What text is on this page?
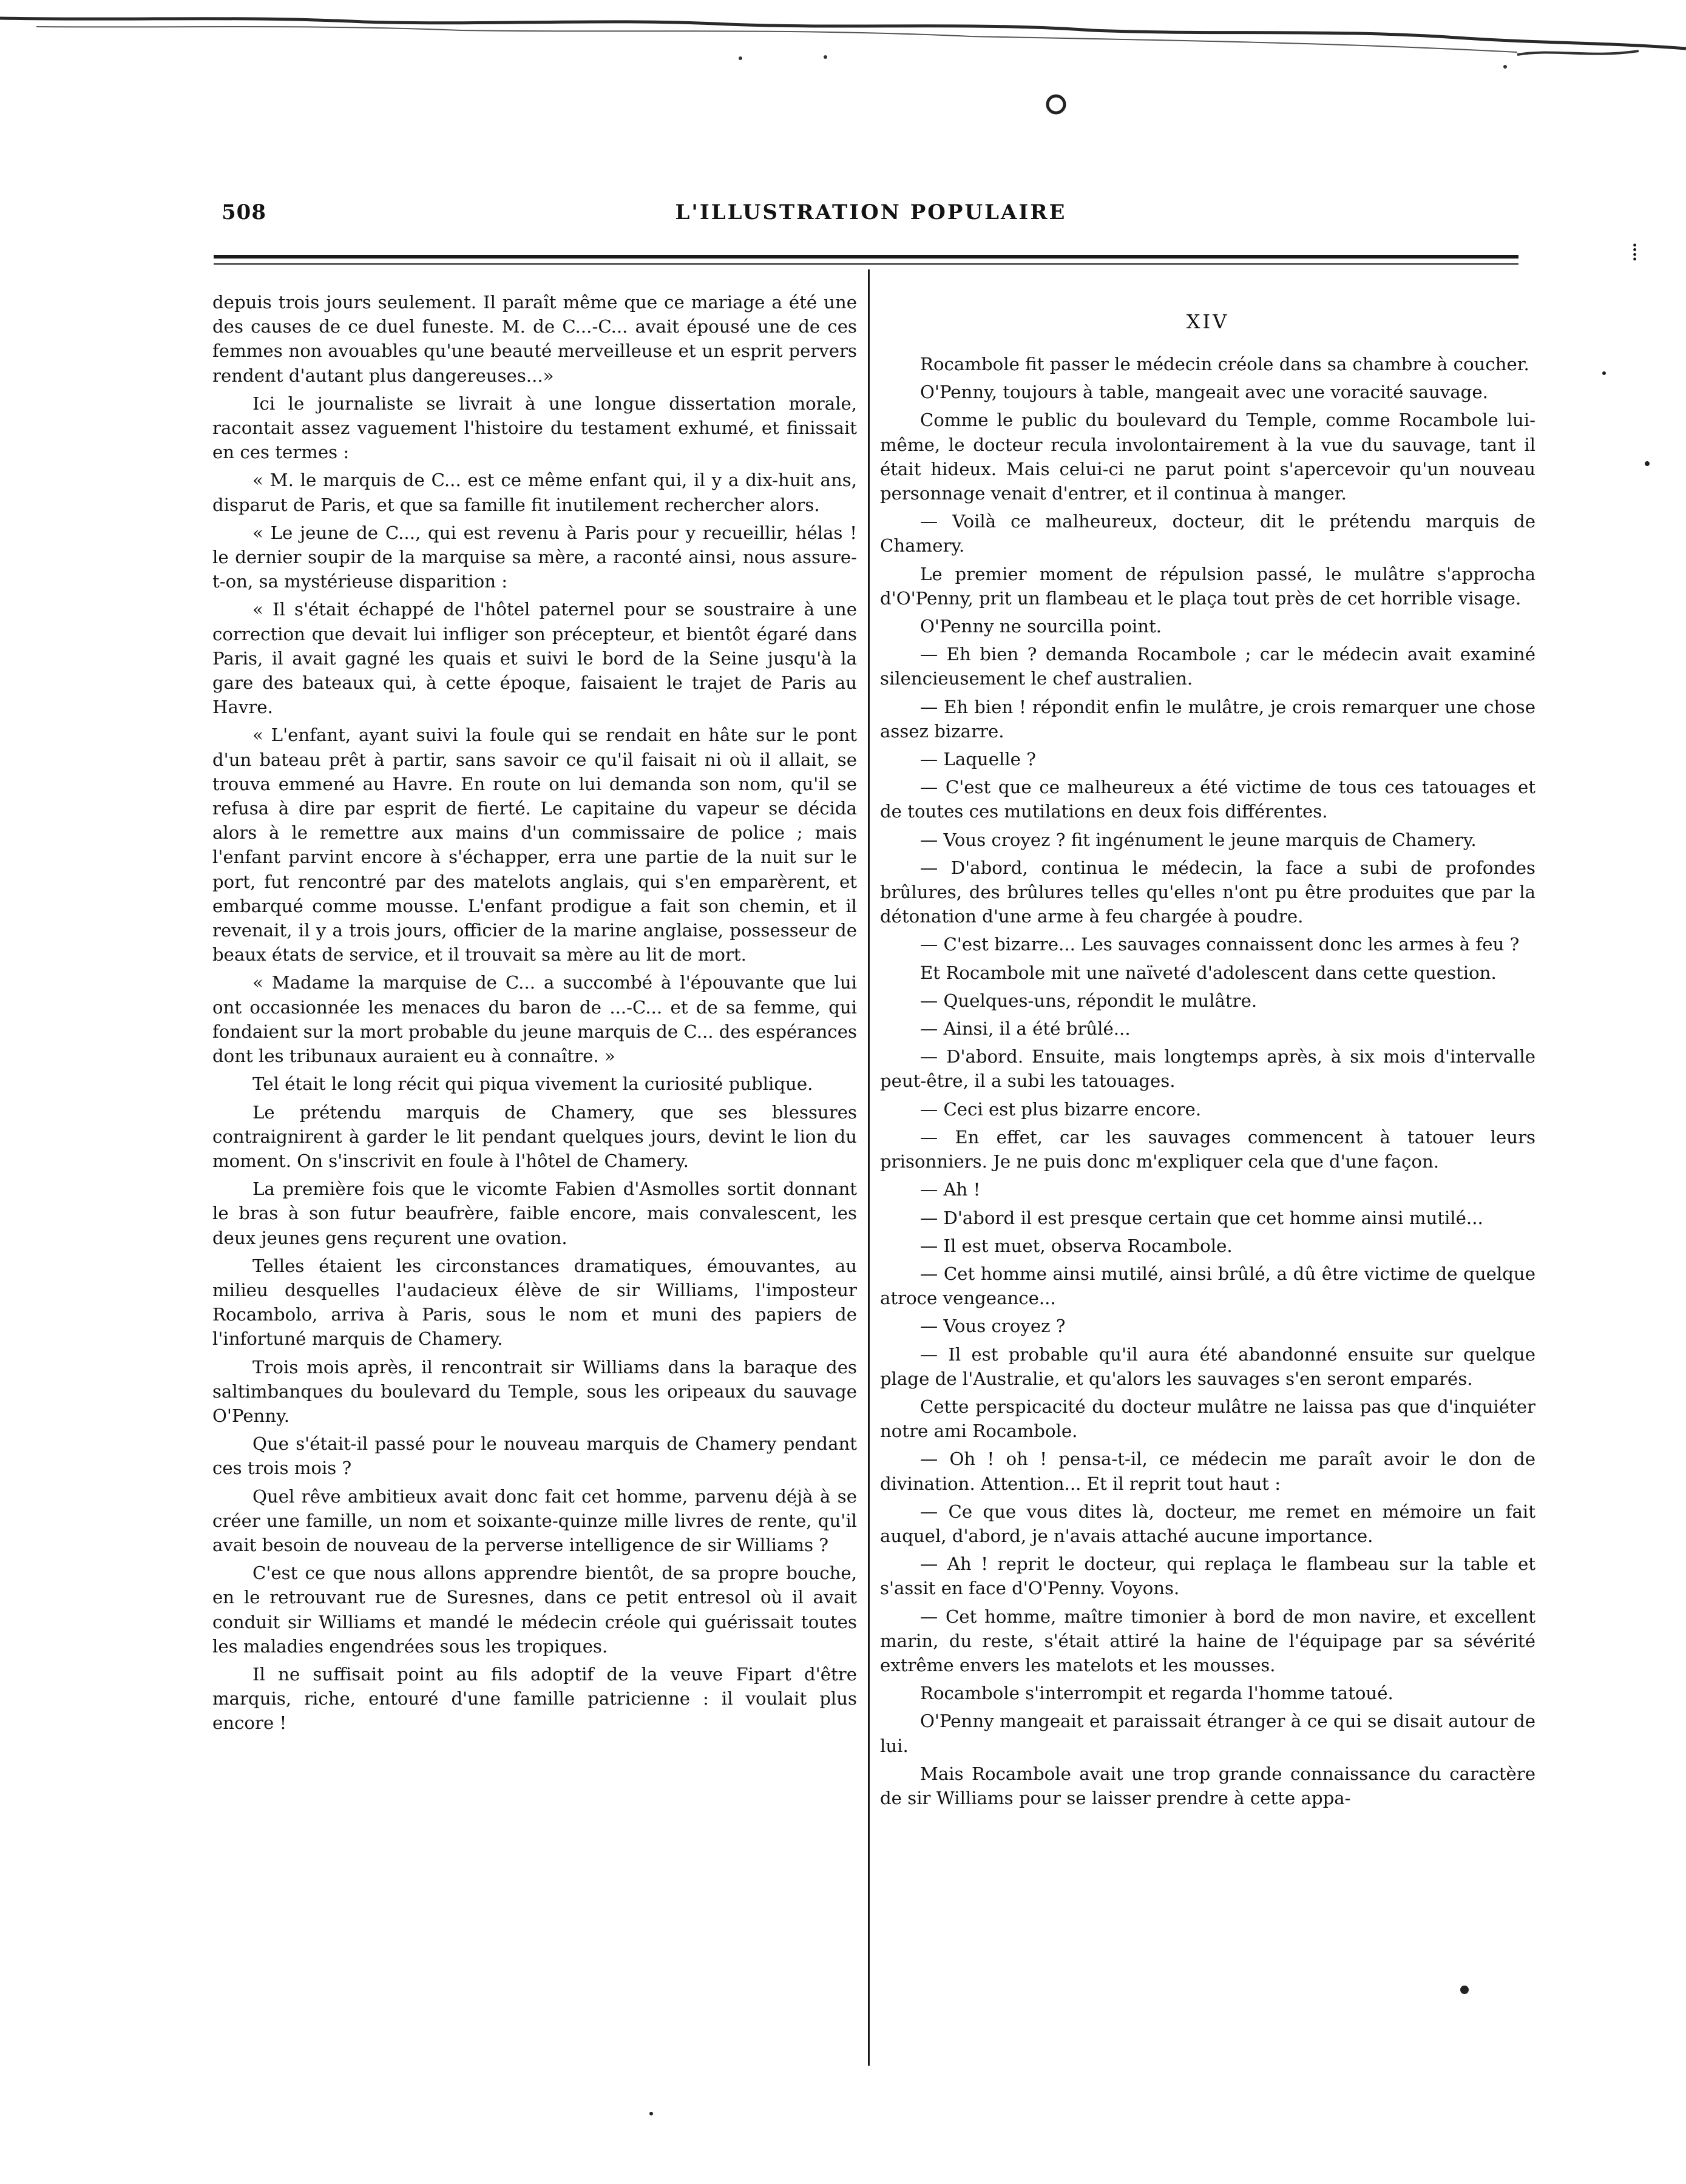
508	L'ILLUSTRATION POPULAIRE
⁞

depuis trois jours seulement. Il paraît même que ce mariage a été une des causes de ce duel funeste. M. de C...-C... avait épousé une de ces femmes non avouables qu'une beauté merveilleuse et un esprit pervers rendent d'autant plus dangereuses...»

Ici le journaliste se livrait à une longue dissertation morale, racontait assez vaguement l'histoire du testament exhumé, et finissait en ces termes :

« M. le marquis de C... est ce même enfant qui, il y a dix-huit ans, disparut de Paris, et que sa famille fit inutilement rechercher alors.

« Le jeune de C..., qui est revenu à Paris pour y recueillir, hélas ! le dernier soupir de la marquise sa mère, a raconté ainsi, nous assure-t-on, sa mystérieuse disparition :

« Il s'était échappé de l'hôtel paternel pour se soustraire à une correction que devait lui infliger son précepteur, et bientôt égaré dans Paris, il avait gagné les quais et suivi le bord de la Seine jusqu'à la gare des bateaux qui, à cette époque, faisaient le trajet de Paris au Havre.

« L'enfant, ayant suivi la foule qui se rendait en hâte sur le pont d'un bateau prêt à partir, sans savoir ce qu'il faisait ni où il allait, se trouva emmené au Havre. En route on lui demanda son nom, qu'il se refusa à dire par esprit de fierté. Le capitaine du vapeur se décida alors à le remettre aux mains d'un commissaire de police ; mais l'enfant parvint encore à s'échapper, erra une partie de la nuit sur le port, fut rencontré par des matelots anglais, qui s'en emparèrent, et embarqué comme mousse. L'enfant prodigue a fait son chemin, et il revenait, il y a trois jours, officier de la marine anglaise, possesseur de beaux états de service, et il trouvait sa mère au lit de mort.

« Madame la marquise de C... a succombé à l'épouvante que lui ont occasionnée les menaces du baron de ...-C... et de sa femme, qui fondaient sur la mort probable du jeune marquis de C... des espérances dont les tribunaux auraient eu à connaître. »

Tel était le long récit qui piqua vivement la curiosité publique.

Le prétendu marquis de Chamery, que ses blessures contraignirent à garder le lit pendant quelques jours, devint le lion du moment. On s'inscrivit en foule à l'hôtel de Chamery.

La première fois que le vicomte Fabien d'Asmolles sortit donnant le bras à son futur beaufrère, faible encore, mais convalescent, les deux jeunes gens reçurent une ovation.

Telles étaient les circonstances dramatiques, émouvantes, au milieu desquelles l'audacieux élève de sir Williams, l'imposteur Rocambolo, arriva à Paris, sous le nom et muni des papiers de l'infortuné marquis de Chamery.

Trois mois après, il rencontrait sir Williams dans la baraque des saltimbanques du boulevard du Temple, sous les oripeaux du sauvage O'Penny.

Que s'était-il passé pour le nouveau marquis de Chamery pendant ces trois mois ?

Quel rêve ambitieux avait donc fait cet homme, parvenu déjà à se créer une famille, un nom et soixante-quinze mille livres de rente, qu'il avait besoin de nouveau de la perverse intelligence de sir Williams ?

C'est ce que nous allons apprendre bientôt, de sa propre bouche, en le retrouvant rue de Suresnes, dans ce petit entresol où il avait conduit sir Williams et mandé le médecin créole qui guérissait toutes les maladies engendrées sous les tropiques.

Il ne suffisait point au fils adoptif de la veuve Fipart d'être marquis, riche, entouré d'une famille patricienne : il voulait plus encore !

XIV

Rocambole fit passer le médecin créole dans sa chambre à coucher.

O'Penny, toujours à table, mangeait avec une voracité sauvage.

Comme le public du boulevard du Temple, comme Rocambole lui-même, le docteur recula involontairement à la vue du sauvage, tant il était hideux. Mais celui-ci ne parut point s'apercevoir qu'un nouveau personnage venait d'entrer, et il continua à manger.

— Voilà ce malheureux, docteur, dit le prétendu marquis de Chamery.

Le premier moment de répulsion passé, le mulâtre s'approcha d'O'Penny, prit un flambeau et le plaça tout près de cet horrible visage.

O'Penny ne sourcilla point.

— Eh bien ? demanda Rocambole ; car le médecin avait examiné silencieusement le chef australien.

— Eh bien ! répondit enfin le mulâtre, je crois remarquer une chose assez bizarre.

— Laquelle ?

— C'est que ce malheureux a été victime de tous ces tatouages et de toutes ces mutilations en deux fois différentes.

— Vous croyez ? fit ingénument le jeune marquis de Chamery.

— D'abord, continua le médecin, la face a subi de profondes brûlures, des brûlures telles qu'elles n'ont pu être produites que par la détonation d'une arme à feu chargée à poudre.

— C'est bizarre... Les sauvages connaissent donc les armes à feu ?

Et Rocambole mit une naïveté d'adolescent dans cette question.

— Quelques-uns, répondit le mulâtre.

— Ainsi, il a été brûlé...

— D'abord. Ensuite, mais longtemps après, à six mois d'intervalle peut-être, il a subi les tatouages.

— Ceci est plus bizarre encore.

— En effet, car les sauvages commencent à tatouer leurs prisonniers. Je ne puis donc m'expliquer cela que d'une façon.

— Ah !

— D'abord il est presque certain que cet homme ainsi mutilé...

— Il est muet, observa Rocambole.

— Cet homme ainsi mutilé, ainsi brûlé, a dû être victime de quelque atroce vengeance...

— Vous croyez ?

— Il est probable qu'il aura été abandonné ensuite sur quelque plage de l'Australie, et qu'alors les sauvages s'en seront emparés.

Cette perspicacité du docteur mulâtre ne laissa pas que d'inquiéter notre ami Rocambole.

— Oh ! oh ! pensa-t-il, ce médecin me paraît avoir le don de divination. Attention... Et il reprit tout haut :

— Ce que vous dites là, docteur, me remet en mémoire un fait auquel, d'abord, je n'avais attaché aucune importance.

— Ah ! reprit le docteur, qui replaça le flambeau sur la table et s'assit en face d'O'Penny. Voyons.

— Cet homme, maître timonier à bord de mon navire, et excellent marin, du reste, s'était attiré la haine de l'équipage par sa sévérité extrême envers les matelots et les mousses.

Rocambole s'interrompit et regarda l'homme tatoué.

O'Penny mangeait et paraissait étranger à ce qui se disait autour de lui.

Mais Rocambole avait une trop grande connaissance du caractère de sir Williams pour se laisser prendre à cette appa-
